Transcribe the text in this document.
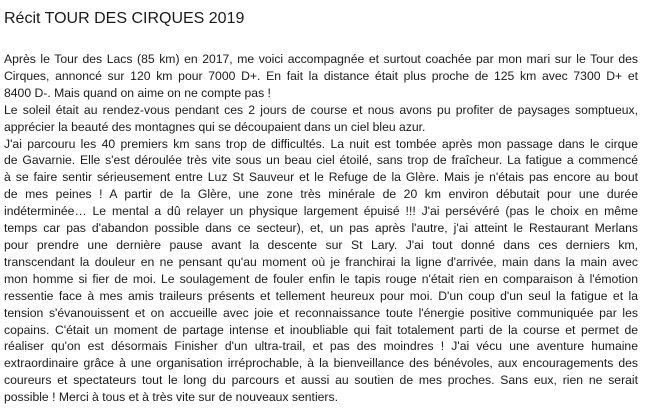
Récit TOUR DES CIRQUES 2019
Après le Tour des Lacs (85 km) en 2017, me voici accompagnée et surtout coachée par mon mari sur le Tour des
Cirques, annoncé sur 120 km pour 7000 D+. En fait la distance était plus proche de 125 km avec 7300 D+ et
8400 D-. Mais quand on aime on ne compte pas !
Le soleil était au rendez-vous pendant ces 2 jours de course et nous avons pu profiter de paysages somptueux,
apprécier la beauté des montagnes qui se découpaient dans un ciel bleu azur.
J'ai parcouru les 40 premiers km sans trop de difficultés. La nuit est tombée après mon passage dans le cirque
de Gavarnie. Elle s'est déroulée très vite sous un beau ciel étoilé, sans trop de fraîcheur. La fatigue a commencé
à se faire sentir sérieusement entre Luz St Sauveur et le Refuge de la Glère. Mais je n'étais pas encore au bout
de mes peines ! A partir de la Glère, une zone très minérale de 20 km environ débutait pour une durée
indéterminée… Le mental a dû relayer un physique largement épuisé !!! J'ai persévéré (pas le choix en même
temps car pas d'abandon possible dans ce secteur), et, un pas après l'autre, j'ai atteint le Restaurant Merlans
pour prendre une dernière pause avant la descente sur St Lary. J'ai tout donné dans ces derniers km,
transcendant la douleur en ne pensant qu'au moment où je franchirai la ligne d'arrivée, main dans la main avec
mon homme si fier de moi. Le soulagement de fouler enfin le tapis rouge n'était rien en comparaison à l'émotion
ressentie face à mes amis traileurs présents et tellement heureux pour moi. D'un coup d'un seul la fatigue et la
tension s'évanouissent et on accueille avec joie et reconnaissance toute l'énergie positive communiquée par les
copains. C'était un moment de partage intense et inoubliable qui fait totalement parti de la course et permet de
réaliser qu'on est désormais Finisher d'un ultra-trail, et pas des moindres ! J'ai vécu une aventure humaine
extraordinaire grâce à une organisation irréprochable, à la bienveillance des bénévoles, aux encouragements des
coureurs et spectateurs tout le long du parcours et aussi au soutien de mes proches. Sans eux, rien ne serait
possible ! Merci à tous et à très vite sur de nouveaux sentiers.
